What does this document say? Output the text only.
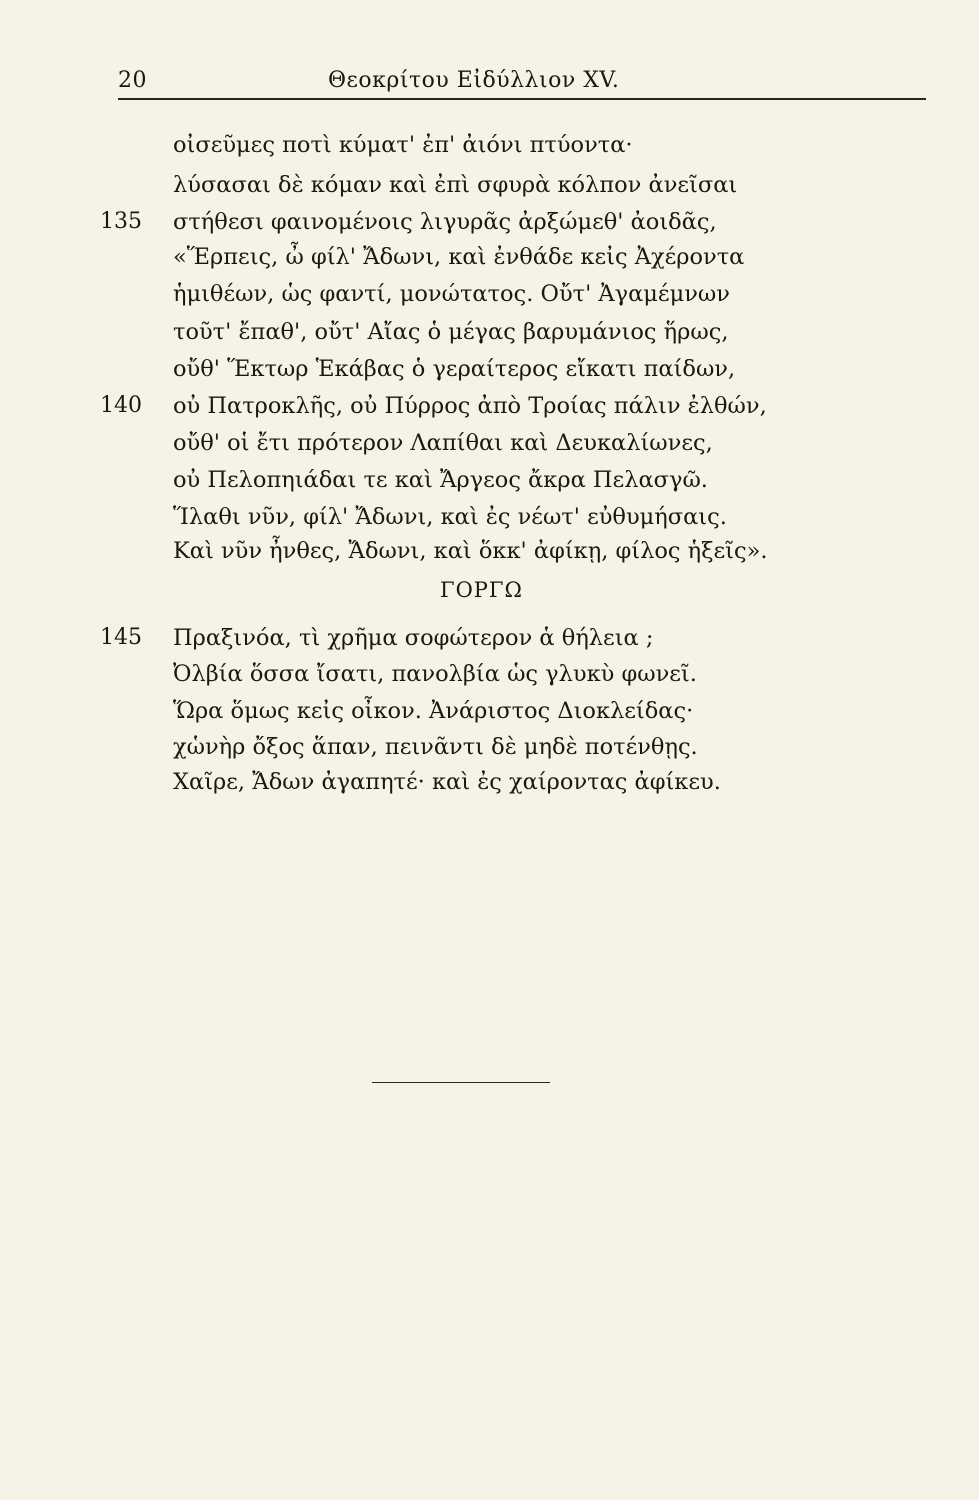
20	Θεοκρίτου Εἰδύλλιον XV.
οἰσεῦμες ποτὶ κύματ' ἐπ' ἀιόνι πτύοντα·
λύσασαι δὲ κόμαν καὶ ἐπὶ σφυρὰ κόλπον ἀνεῖσαι
135 στήθεσι φαινομένοις λιγυρᾶς ἀρξώμεθ' ἀοιδᾶς,
«Ἕρπεις, ὦ φίλ' Ἄδωνι, καὶ ἐνθάδε κεἰς Ἀχέροντα
ἡμιθέων, ὡς φαντί, μονώτατος. Οὔτ' Ἀγαμέμνων
τοῦτ' ἔπαθ', οὔτ' Αἴας ὁ μέγας βαρυμάνιος ἥρως,
οὔθ' Ἕκτωρ Ἑκάβας ὁ γεραίτερος εἴκατι παίδων,
140 οὐ Πατροκλῆς, οὐ Πύρρος ἀπὸ Τροίας πάλιν ἐλθών,
οὔθ' οἱ ἔτι πρότερον Λαπίθαι καὶ Δευκαλίωνες,
οὐ Πελοπηιάδαι τε καὶ Ἄργεος ἄκρα Πελασγῶ.
Ἵλαθι νῦν, φίλ' Ἄδωνι, καὶ ἐς νέωτ' εὐθυμήσαις.
Καὶ νῦν ἦνθες, Ἄδωνι, καὶ ὅκκ' ἀφίκῃ, φίλος ἡξεῖς».
ΓΟΡΓΩ
145 Πραξινόα, τὶ χρῆμα σοφώτερον ἁ θήλεια ;
Ὀλβία ὅσσα ἴσατι, πανολβία ὡς γλυκὺ φωνεῖ.
Ὥρα ὅμως κεἰς οἶκον. Ἀνάριστος Διοκλείδας·
χὡνὴρ ὄξος ἅπαν, πεινᾶντι δὲ μηδὲ ποτένθῃς.
Χαῖρε, Ἄδων ἀγαπητέ· καὶ ἐς χαίροντας ἀφίκευ.
